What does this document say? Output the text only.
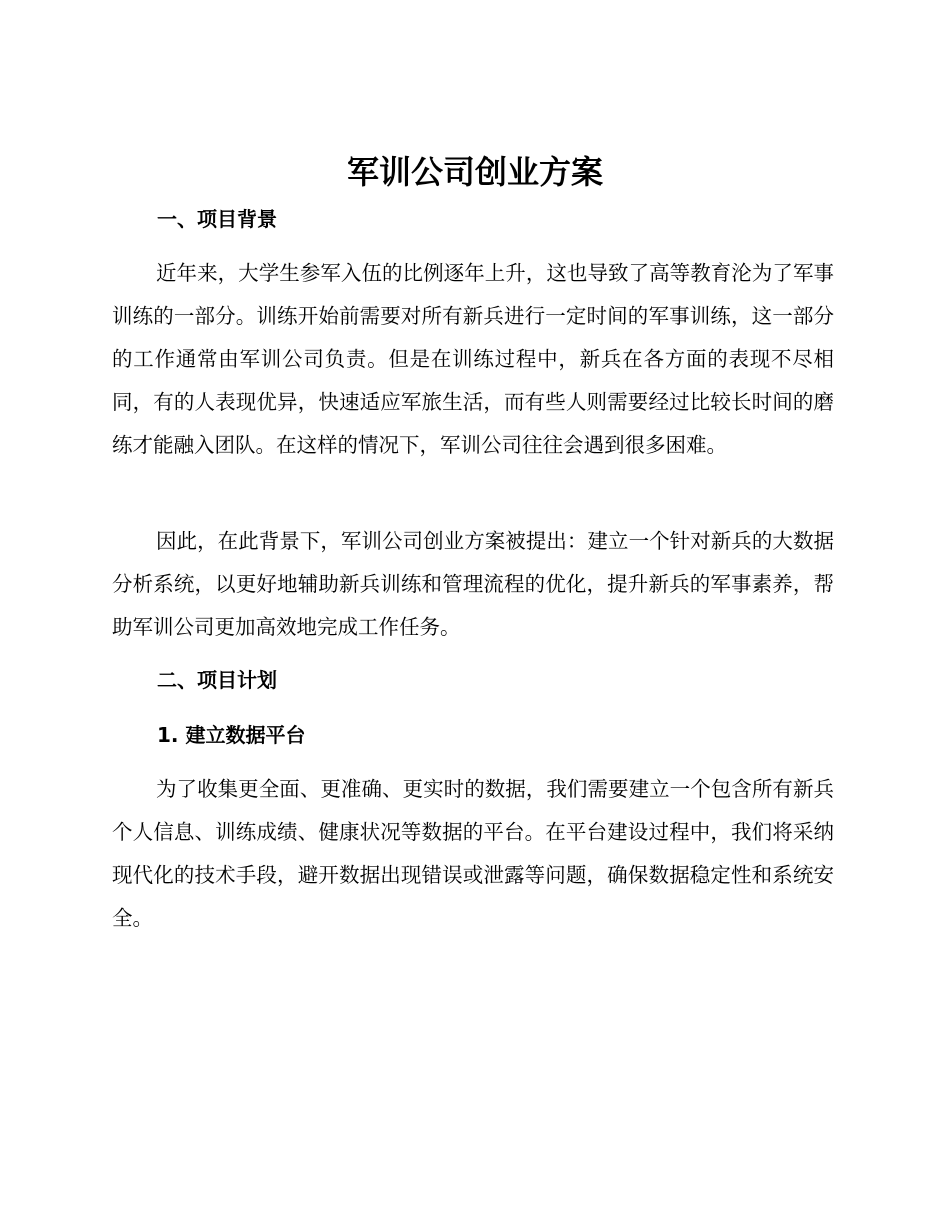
军训公司创业方案
一、项目背景

近年来，大学生参军入伍的比例逐年上升，这也导致了高等教育沦为了军事训练的一部分。训练开始前需要对所有新兵进行一定时间的军事训练，这一部分的工作通常由军训公司负责。但是在训练过程中，新兵在各方面的表现不尽相同，有的人表现优异，快速适应军旅生活，而有些人则需要经过比较长时间的磨练才能融入团队。在这样的情况下，军训公司往往会遇到很多困难。

因此，在此背景下，军训公司创业方案被提出：建立一个针对新兵的大数据分析系统，以更好地辅助新兵训练和管理流程的优化，提升新兵的军事素养，帮助军训公司更加高效地完成工作任务。

二、项目计划
1. 建立数据平台

为了收集更全面、更准确、更实时的数据，我们需要建立一个包含所有新兵个人信息、训练成绩、健康状况等数据的平台。在平台建设过程中，我们将采纳现代化的技术手段，避开数据出现错误或泄露等问题，确保数据稳定性和系统安全。
